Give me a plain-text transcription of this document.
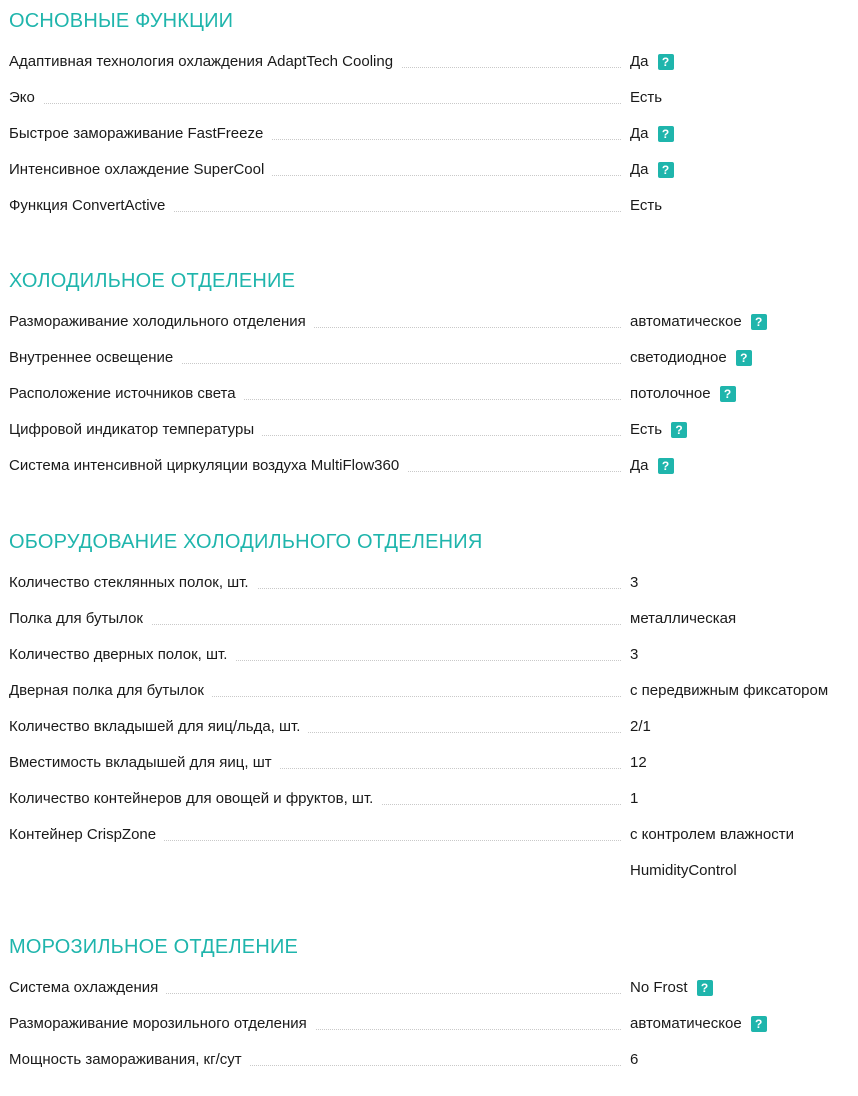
ОСНОВНЫЕ ФУНКЦИИ
Адаптивная технология охлаждения AdaptTech Cooling	Да	?
Эко	Есть
Быстрое замораживание FastFreeze	Да	?
Интенсивное охлаждение SuperCool	Да	?
Функция ConvertActive	Есть
ХОЛОДИЛЬНОЕ ОТДЕЛЕНИЕ
Размораживание холодильного отделения	автоматическое	?
Внутреннее освещение	светодиодное	?
Расположение источников света	потолочное	?
Цифровой индикатор температуры	Есть	?
Система интенсивной циркуляции воздуха MultiFlow360	Да	?
ОБОРУДОВАНИЕ ХОЛОДИЛЬНОГО ОТДЕЛЕНИЯ
Количество стеклянных полок, шт.	3
Полка для бутылок	металлическая
Количество дверных полок, шт.	3
Дверная полка для бутылок	с передвижным фиксатором
Количество вкладышей для яиц/льда, шт.	2/1
Вместимость вкладышей для яиц, шт	12
Количество контейнеров для овощей и фруктов, шт.	1
Контейнер CrispZone	с контролем влажности
HumidityControl
МОРОЗИЛЬНОЕ ОТДЕЛЕНИЕ
Система охлаждения	No Frost	?
Размораживание морозильного отделения	автоматическое	?
Мощность замораживания, кг/сут	6
